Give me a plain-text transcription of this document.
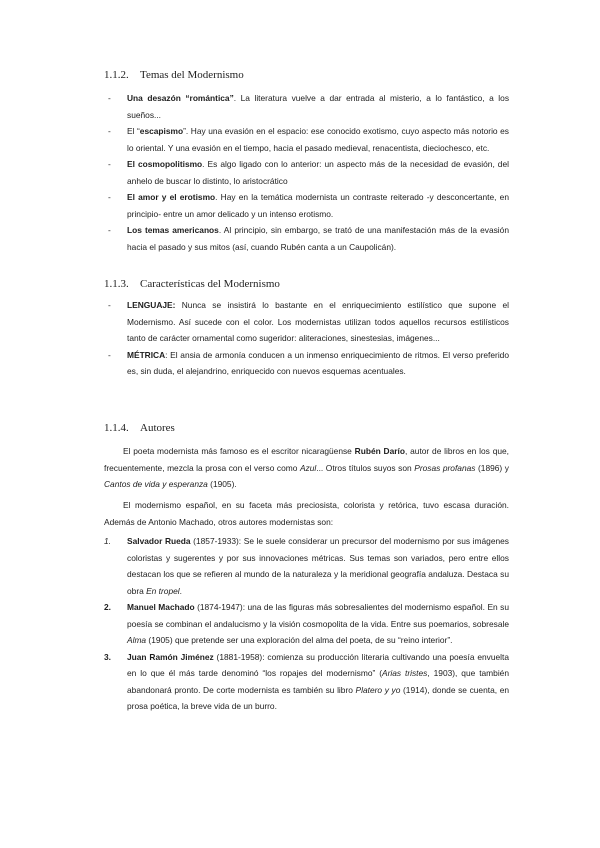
1.1.2. Temas del Modernismo
- Una desazón “romántica”. La literatura vuelve a dar entrada al misterio, a lo fantástico, a los sueños...
- El “escapismo”. Hay una evasión en el espacio: ese conocido exotismo, cuyo aspecto más notorio es lo oriental. Y una evasión en el tiempo, hacia el pasado medieval, renacentista, dieciochesco, etc.
- El cosmopolitismo. Es algo ligado con lo anterior: un aspecto más de la necesidad de evasión, del anhelo de buscar lo distinto, lo aristocrático
- El amor y el erotismo. Hay en la temática modernista un contraste reiterado -y desconcertante, en principio- entre un amor delicado y un intenso erotismo.
- Los temas americanos. Al principio, sin embargo, se trató de una manifestación más de la evasión hacia el pasado y sus mitos (así, cuando Rubén canta a un Caupolicán).
1.1.3. Características del Modernismo
- LENGUAJE: Nunca se insistirá lo bastante en el enriquecimiento estilístico que supone el Modernismo. Así sucede con el color. Los modernistas utilizan todos aquellos recursos estilísticos tanto de carácter ornamental como sugeridor: aliteraciones, sinestesias, imágenes...
- MÉTRICA: El ansia de armonía conducen a un inmenso enriquecimiento de ritmos. El verso preferido es, sin duda, el alejandrino, enriquecido con nuevos esquemas acentuales.
1.1.4. Autores

El poeta modernista más famoso es el escritor nicaragüense Rubén Darío, autor de libros en los que, frecuentemente, mezcla la prosa con el verso como Azul... Otros títulos suyos son Prosas profanas (1896) y Cantos de vida y esperanza (1905).

El modernismo español, en su faceta más preciosista, colorista y retórica, tuvo escasa duración. Además de Antonio Machado, otros autores modernistas son:

1. Salvador Rueda (1857-1933): Se le suele considerar un precursor del modernismo por sus imágenes coloristas y sugerentes y por sus innovaciones métricas. Sus temas son variados, pero entre ellos destacan los que se refieren al mundo de la naturaleza y la meridional geografía andaluza. Destaca su obra En tropel.
2. Manuel Machado (1874-1947): una de las figuras más sobresalientes del modernismo español. En su poesía se combinan el andalucismo y la visión cosmopolita de la vida. Entre sus poemarios, sobresale Alma (1905) que pretende ser una exploración del alma del poeta, de su “reino interior”.
3. Juan Ramón Jiménez (1881-1958): comienza su producción literaria cultivando una poesía envuelta en lo que él más tarde denominó “los ropajes del modernismo” (Arias tristes, 1903), que también abandonará pronto. De corte modernista es también su libro Platero y yo (1914), donde se cuenta, en prosa poética, la breve vida de un burro.
